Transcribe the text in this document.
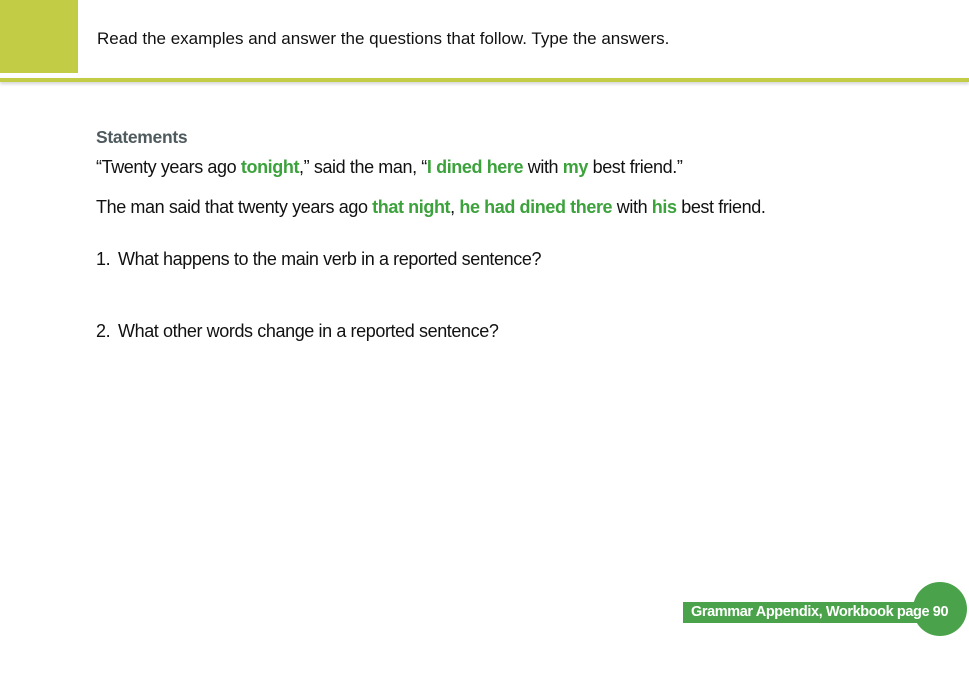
Read the examples and answer the questions that follow. Type the answers.
Statements
“Twenty years ago tonight,” said the man, “I dined here with my best friend.”
The man said that twenty years ago that night, he had dined there with his best friend.
1. What happens to the main verb in a reported sentence?
2. What other words change in a reported sentence?
Grammar Appendix, Workbook page 90
